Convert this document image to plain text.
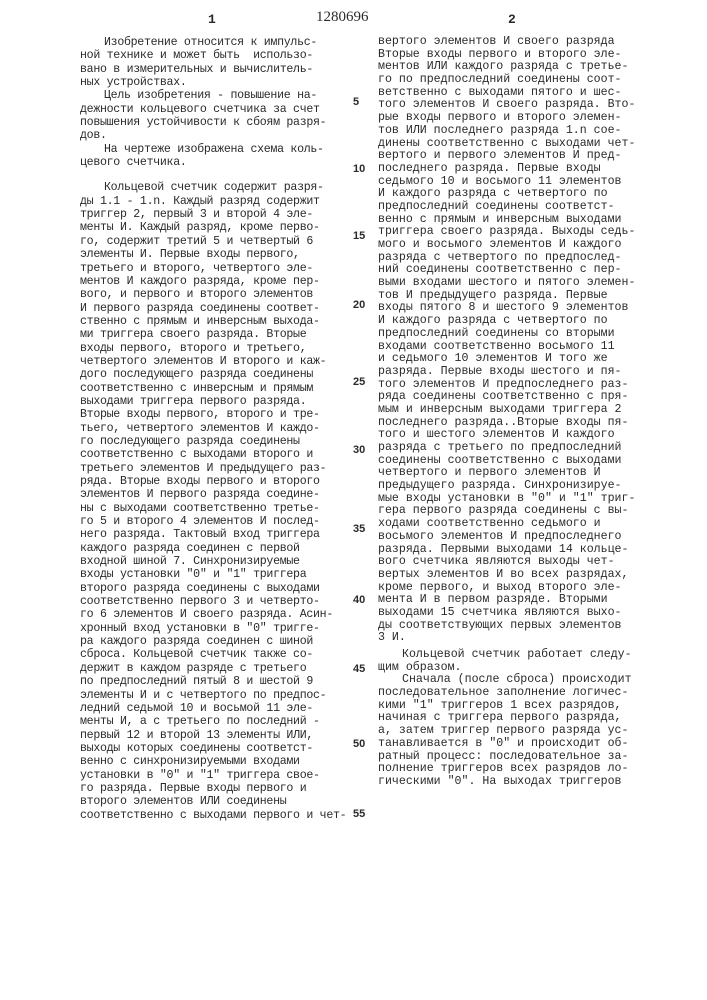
1	1280696	2
Изобретение относится к импульс-
ной технике и может быть  использо-
вано в измерительных и вычислитель-
ных устройствах.
Цель изобретения - повышение на-
дежности кольцевого счетчика за счет
повышения устойчивости к сбоям разря-
дов.
На чертеже изображена схема коль-
цевого счетчика.
Кольцевой счетчик содержит разря-
ды 1.1 - 1.n. Каждый разряд содержит
триггер 2, первый 3 и второй 4 эле-
менты И. Каждый разряд, кроме перво-
го, содержит третий 5 и четвертый 6
элементы И. Первые входы первого,
третьего и второго, четвертого эле-
ментов И каждого разряда, кроме пер-
вого, и первого и второго элементов
И первого разряда соединены соответ-
ственно с прямым и инверсным выхода-
ми триггера своего разряда. Вторые
входы первого, второго и третьего,
четвертого элементов И второго и каж-
дого последующего разряда соединены
соответственно с инверсным и прямым
выходами триггера первого разряда.
Вторые входы первого, второго и тре-
тьего, четвертого элементов И каждо-
го последующего разряда соединены
соответственно с выходами второго и
третьего элементов И предыдущего раз-
ряда. Вторые входы первого и второго
элементов И первого разряда соедине-
ны с выходами соответственно третье-
го 5 и второго 4 элементов И послед-
него разряда. Тактовый вход триггера
каждого разряда соединен с первой
входной шиной 7. Синхронизируемые
входы установки "0" и "1" триггера
второго разряда соединены с выходами
соответственно первого 3 и четверто-
го 6 элементов И своего разряда. Асин-
хронный вход установки в "0" тригге-
ра каждого разряда соединен с шиной
сброса. Кольцевой счетчик также со-
держит в каждом разряде с третьего
по предпоследний пятый 8 и шестой 9
элементы И и с четвертого по предпос-
ледний седьмой 10 и восьмой 11 эле-
менты И, а с третьего по последний -
первый 12 и второй 13 элементы ИЛИ,
выходы которых соединены соответст-
венно с синхронизируемыми входами
установки в "0" и "1" триггера свое-
го разряда. Первые входы первого и
второго элементов ИЛИ соединены
соответственно с выходами первого и чет-
вертого элементов И своего разряда
Вторые входы первого и второго эле-
ментов ИЛИ каждого разряда с третье-
го по предпоследний соединены соот-
ветственно с выходами пятого и шес-
того элементов И своего разряда. Вто-
рые входы первого и второго элемен-
тов ИЛИ последнего разряда 1.n сое-
динены соответственно с выходами чет-
вертого и первого элементов И пред-
последнего разряда. Первые входы
седьмого 10 и восьмого 11 элементов
И каждого разряда с четвертого по
предпоследний соединены соответст-
венно с прямым и инверсным выходами
триггера своего разряда. Выходы седь-
мого и восьмого элементов И каждого
разряда с четвертого по предпослед-
ний соединены соответственно с пер-
выми входами шестого и пятого элемен-
тов И предыдущего разряда. Первые
входы пятого 8 и шестого 9 элементов
И каждого разряда с четвертого по
предпоследний соединены со вторыми
входами соответственно восьмого 11
и седьмого 10 элементов И того же
разряда. Первые входы шестого и пя-
того элементов И предпоследнего раз-
ряда соединены соответственно с пря-
мым и инверсным выходами триггера 2
последнего разряда..Вторые входы пя-
того и шестого элементов И каждого
разряда с третьего по предпоследний
соединены соответственно с выходами
четвертого и первого элементов И
предыдущего разряда. Синхронизируе-
мые входы установки в "0" и "1" триг-
гера первого разряда соединены с вы-
ходами соответственно седьмого и
восьмого элементов И предпоследнего
разряда. Первыми выходами 14 кольце-
вого счетчика являются выходы чет-
вертых элементов И во всех разрядах,
кроме первого, и выход второго эле-
мента И в первом разряде. Вторыми
выходами 15 счетчика являются выхо-
ды соответствующих первых элементов
3 И.
Кольцевой счетчик работает следу-
щим образом.
Сначала (после сброса) происходит
последовательное заполнение логичес-
кими "1" триггеров 1 всех разрядов,
начиная с триггера первого разряда,
а, затем триггер первого разряда ус-
танавливается в "0" и происходит об-
ратный процесс: последовательное за-
полнение триггеров всех разрядов ло-
гическими "0". На выходах триггеров
5
10
15
20
25
30
35
40
45
50
55
